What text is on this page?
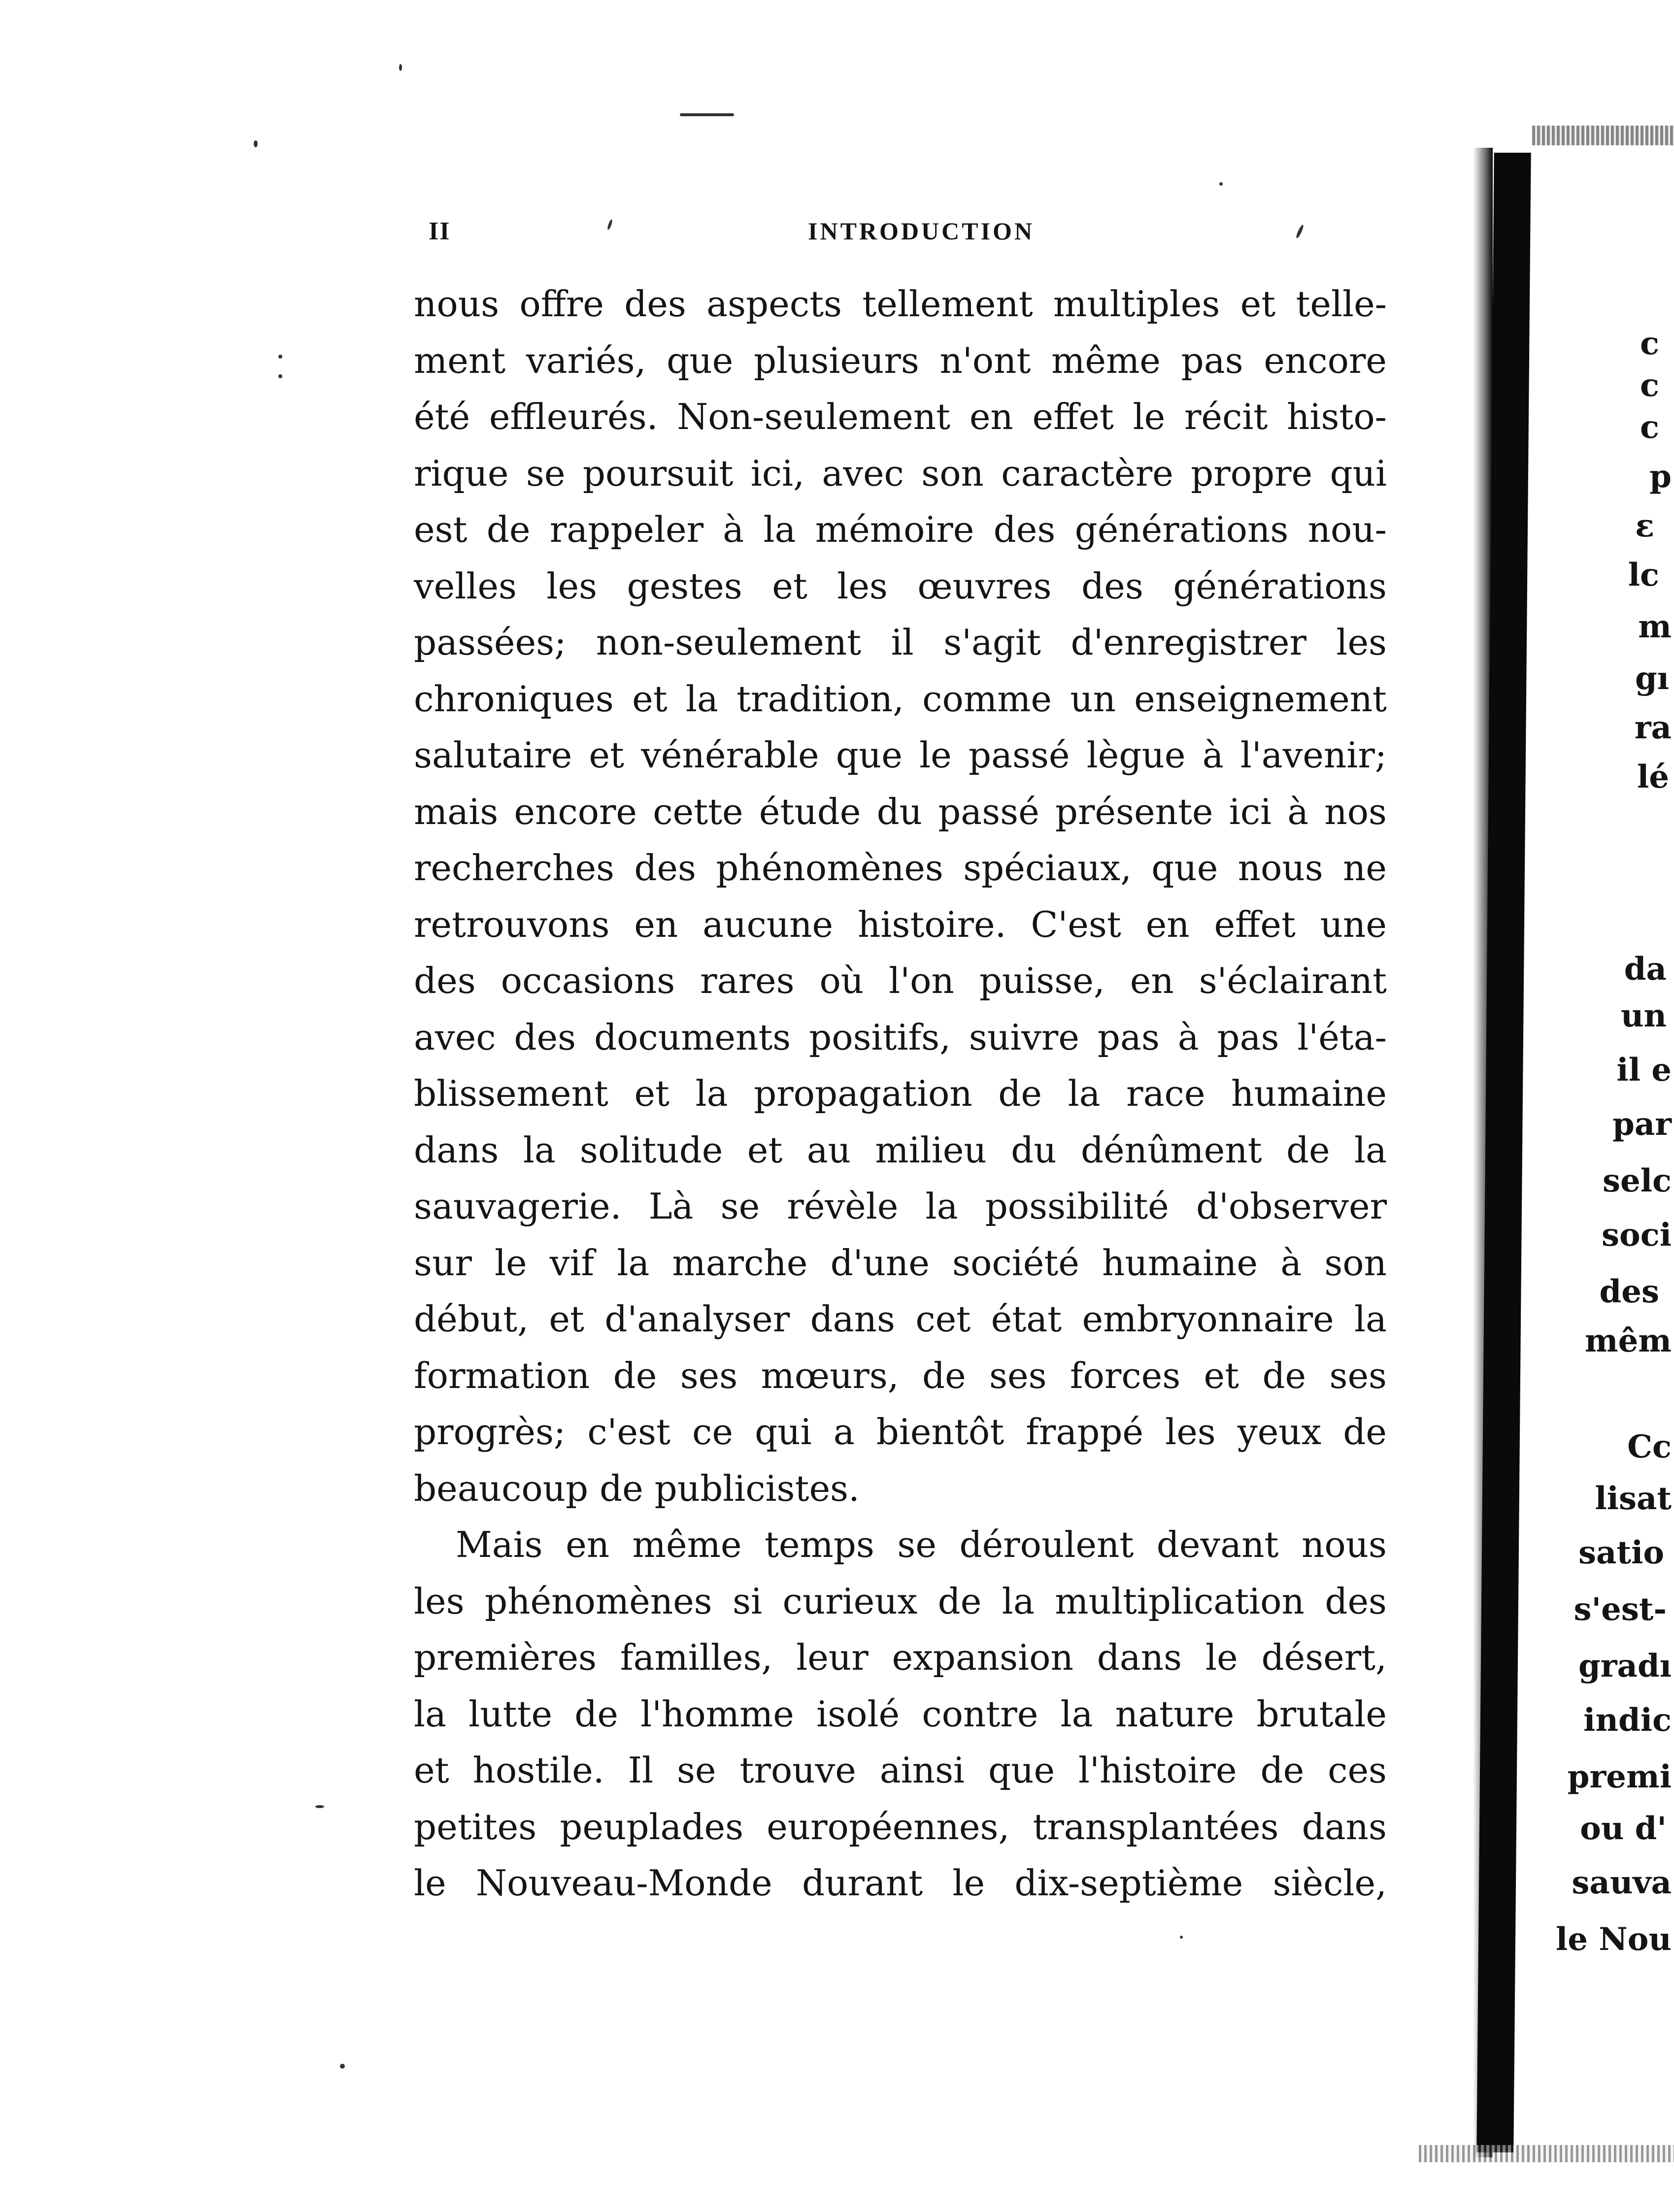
II	INTRODUCTION
nous offre des aspects tellement multiples et telle-
ment variés, que plusieurs n'ont même pas encore
été effleurés. Non-seulement en effet le récit histo-
rique se poursuit ici, avec son caractère propre qui
est de rappeler à la mémoire des générations nou-
velles les gestes et les œuvres des générations
passées; non-seulement il s'agit d'enregistrer les
chroniques et la tradition, comme un enseignement
salutaire et vénérable que le passé lègue à l'avenir;
mais encore cette étude du passé présente ici à nos
recherches des phénomènes spéciaux, que nous ne
retrouvons en aucune histoire. C'est en effet une
des occasions rares où l'on puisse, en s'éclairant
avec des documents positifs, suivre pas à pas l'éta-
blissement et la propagation de la race humaine
dans la solitude et au milieu du dénûment de la
sauvagerie. Là se révèle la possibilité d'observer
sur le vif la marche d'une société humaine à son
début, et d'analyser dans cet état embryonnaire la
formation de ses mœurs, de ses forces et de ses
progrès; c'est ce qui a bientôt frappé les yeux de
beaucoup de publicistes.
Mais en même temps se déroulent devant nous
les phénomènes si curieux de la multiplication des
premières familles, leur expansion dans le désert,
la lutte de l'homme isolé contre la nature brutale
et hostile. Il se trouve ainsi que l'histoire de ces
petites peuplades européennes, transplantées dans
le Nouveau-Monde durant le dix-septième siècle,
c
c
c
p
ε
lc
m
gı
ra
lé
da
un
il e
par
selc
soci
des
mêm
Cc
lisat
satio
s'est-
gradı
indic
premi
ou d'
sauva
le Nou
